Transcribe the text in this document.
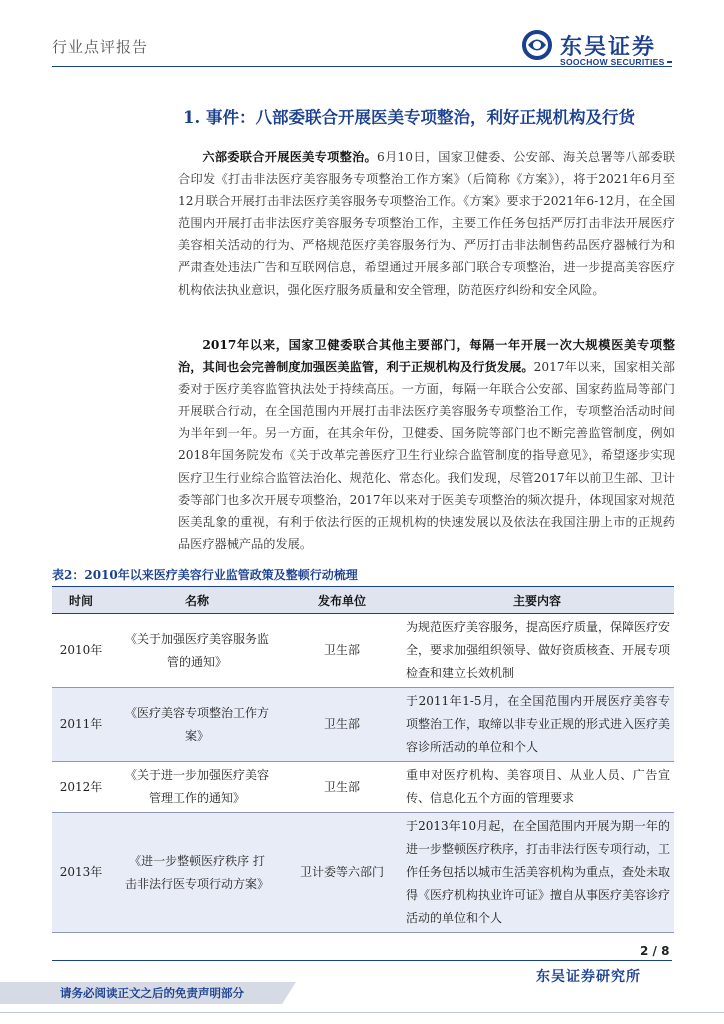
行业点评报告	东吴证券
SOOCHOW SECURITIES
1. 事件：八部委联合开展医美专项整治，利好正规机构及行货
六部委联合开展医美专项整治。6月10日，国家卫健委、公安部、海关总署等八部委联合印发《打击非法医疗美容服务专项整治工作方案》（后简称《方案》），将于2021年6月至12月联合开展打击非法医疗美容服务专项整治工作。《方案》要求于2021年6-12月，在全国范围内开展打击非法医疗美容服务专项整治工作，主要工作任务包括严厉打击非法开展医疗美容相关活动的行为、严格规范医疗美容服务行为、严厉打击非法制售药品医疗器械行为和严肃查处违法广告和互联网信息，希望通过开展多部门联合专项整治，进一步提高美容医疗机构依法执业意识，强化医疗服务质量和安全管理，防范医疗纠纷和安全风险。
2017年以来，国家卫健委联合其他主要部门，每隔一年开展一次大规模医美专项整治，其间也会完善制度加强医美监管，利于正规机构及行货发展。2017年以来，国家相关部委对于医疗美容监管执法处于持续高压。一方面，每隔一年联合公安部、国家药监局等部门开展联合行动，在全国范围内开展打击非法医疗美容服务专项整治工作，专项整治活动时间为半年到一年。另一方面，在其余年份，卫健委、国务院等部门也不断完善监管制度，例如2018年国务院发布《关于改革完善医疗卫生行业综合监管制度的指导意见》，希望逐步实现医疗卫生行业综合监管法治化、规范化、常态化。我们发现，尽管2017年以前卫生部、卫计委等部门也多次开展专项整治，2017年以来对于医美专项整治的频次提升，体现国家对规范医美乱象的重视，有利于依法行医的正规机构的快速发展以及依法在我国注册上市的正规药品医疗器械产品的发展。
表2：2010年以来医疗美容行业监管政策及整顿行动梳理
时间	名称	发布单位	主要内容
2010年	《关于加强医疗美容服务监管的通知》	卫生部	为规范医疗美容服务，提高医疗质量，保障医疗安全，要求加强组织领导、做好资质核查、开展专项检查和建立长效机制
2011年	《医疗美容专项整治工作方案》	卫生部	于2011年1-5月，在全国范围内开展医疗美容专项整治工作，取缔以非专业正规的形式进入医疗美容诊所活动的单位和个人
2012年	《关于进一步加强医疗美容管理工作的通知》	卫生部	重申对医疗机构、美容项目、从业人员、广告宣传、信息化五个方面的管理要求
2013年	《进一步整顿医疗秩序 打击非法行医专项行动方案》	卫计委等六部门	于2013年10月起，在全国范围内开展为期一年的进一步整顿医疗秩序，打击非法行医专项行动，工作任务包括以城市生活美容机构为重点，查处未取得《医疗机构执业许可证》擅自从事医疗美容诊疗活动的单位和个人
2 / 8
东吴证券研究所
请务必阅读正文之后的免责声明部分
